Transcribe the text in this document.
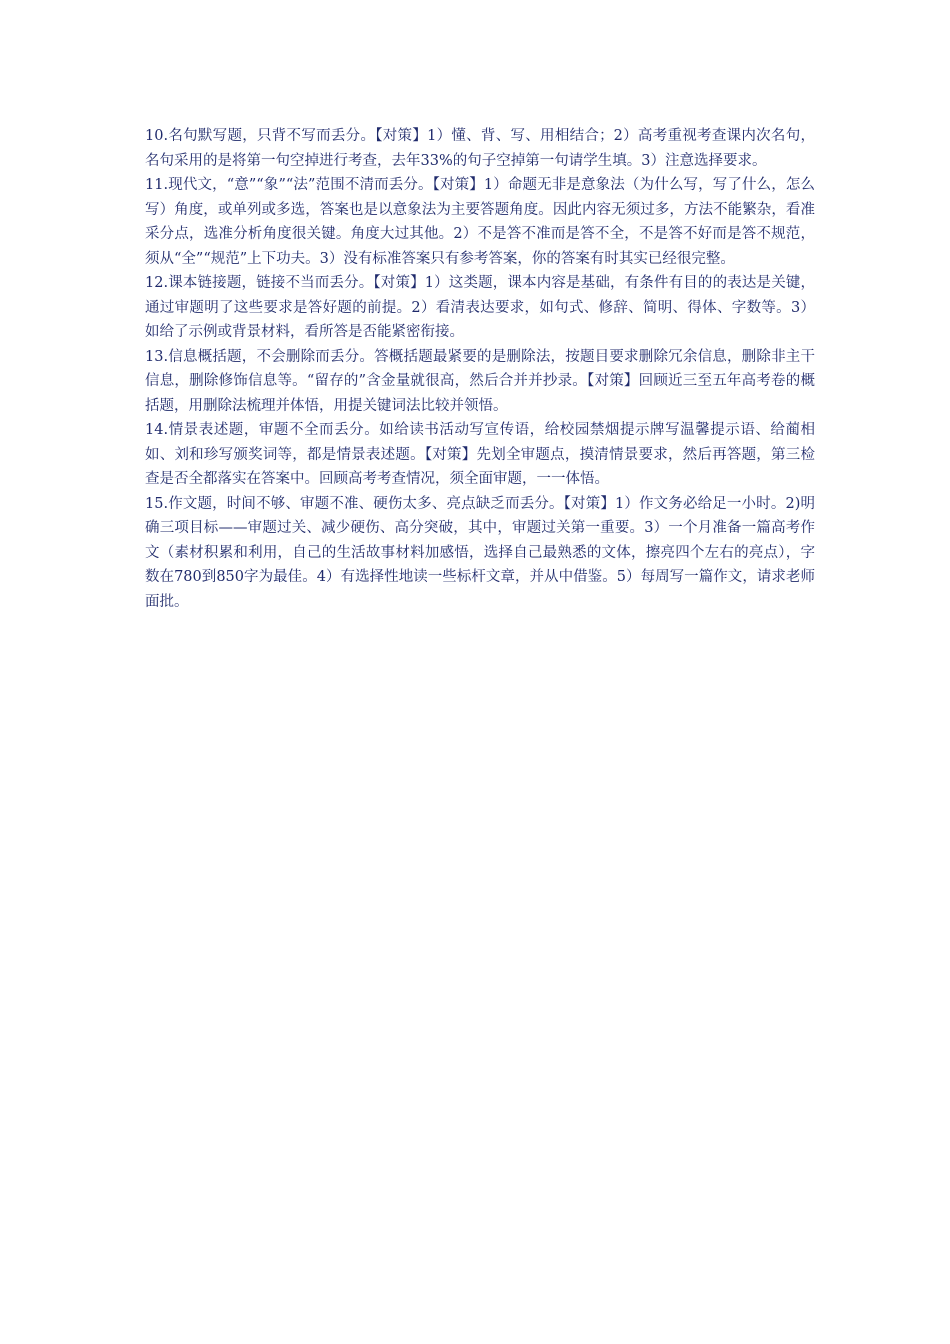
10.名句默写题，只背不写而丢分。【对策】1）懂、背、写、用相结合；2）高考重视考查课内次名句，名句采用的是将第一句空掉进行考查，去年33%的句子空掉第一句请学生填。3）注意选择要求。

11.现代文，“意”“象”“法”范围不清而丢分。【对策】1）命题无非是意象法（为什么写，写了什么，怎么写）角度，或单列或多选，答案也是以意象法为主要答题角度。因此内容无须过多，方法不能繁杂，看准采分点，选准分析角度很关键。角度大过其他。2）不是答不准而是答不全，不是答不好而是答不规范，须从“全”“规范”上下功夫。3）没有标准答案只有参考答案，你的答案有时其实已经很完整。

12.课本链接题，链接不当而丢分。【对策】1）这类题，课本内容是基础，有条件有目的的表达是关键，通过审题明了这些要求是答好题的前提。2）看清表达要求，如句式、修辞、简明、得体、字数等。3）如给了示例或背景材料，看所答是否能紧密衔接。

13.信息概括题，不会删除而丢分。答概括题最紧要的是删除法，按题目要求删除冗余信息，删除非主干信息，删除修饰信息等。“留存的”含金量就很高，然后合并并抄录。【对策】回顾近三至五年高考卷的概括题，用删除法梳理并体悟，用提关键词法比较并领悟。

14.情景表述题，审题不全而丢分。如给读书活动写宣传语，给校园禁烟提示牌写温馨提示语、给蔺相如、刘和珍写颁奖词等，都是情景表述题。【对策】先划全审题点，摸清情景要求，然后再答题，第三检查是否全都落实在答案中。回顾高考考查情况，须全面审题，一一体悟。

15.作文题，时间不够、审题不准、硬伤太多、亮点缺乏而丢分。【对策】1）作文务必给足一小时。2)明确三项目标——审题过关、减少硬伤、高分突破，其中，审题过关第一重要。3）一个月准备一篇高考作文（素材积累和利用，自己的生活故事材料加感悟，选择自己最熟悉的文体，擦亮四个左右的亮点），字数在780到850字为最佳。4）有选择性地读一些标杆文章，并从中借鉴。5）每周写一篇作文，请求老师面批。
